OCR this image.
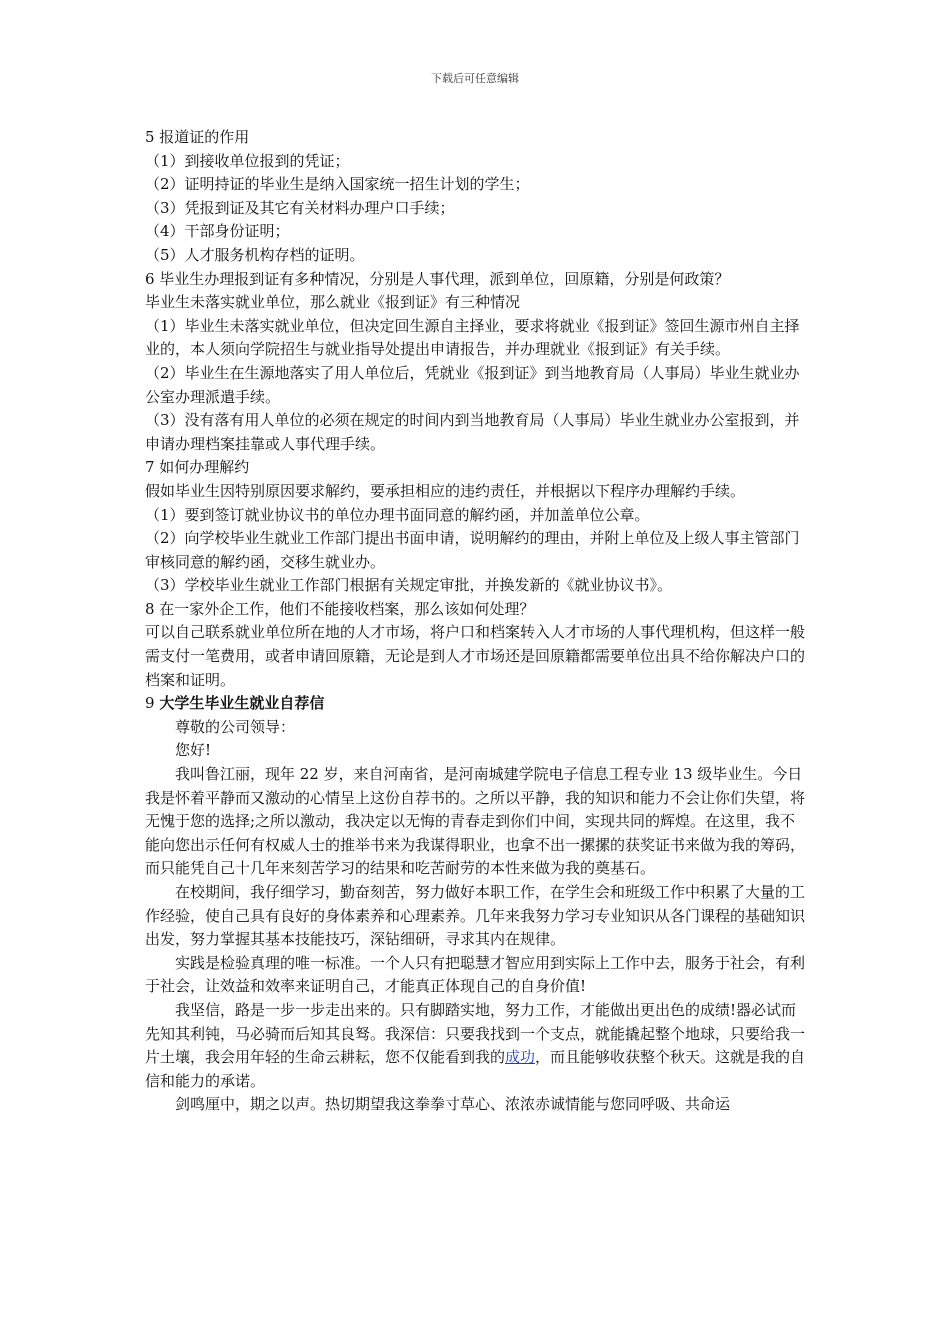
下载后可任意编辑

5 报道证的作用

（1）到接收单位报到的凭证；

（2）证明持证的毕业生是纳入国家统一招生计划的学生；

（3）凭报到证及其它有关材料办理户口手续；

（4）干部身份证明；

（5）人才服务机构存档的证明。

6 毕业生办理报到证有多种情况，分别是人事代理，派到单位，回原籍，分别是何政策？

毕业生未落实就业单位，那么就业《报到证》有三种情况

（1）毕业生未落实就业单位，但决定回生源自主择业，要求将就业《报到证》签回生源市州自主择业的，本人须向学院招生与就业指导处提出申请报告，并办理就业《报到证》有关手续。

（2）毕业生在生源地落实了用人单位后，凭就业《报到证》到当地教育局（人事局）毕业生就业办公室办理派遣手续。

（3）没有落有用人单位的必须在规定的时间内到当地教育局（人事局）毕业生就业办公室报到，并申请办理档案挂靠或人事代理手续。

7 如何办理解约

假如毕业生因特别原因要求解约，要承担相应的违约责任，并根据以下程序办理解约手续。

（1）要到签订就业协议书的单位办理书面同意的解约函，并加盖单位公章。

（2）向学校毕业生就业工作部门提出书面申请，说明解约的理由，并附上单位及上级人事主管部门审核同意的解约函，交移生就业办。

（3）学校毕业生就业工作部门根据有关规定审批，并换发新的《就业协议书》。

8 在一家外企工作，他们不能接收档案，那么该如何处理？

可以自己联系就业单位所在地的人才市场，将户口和档案转入人才市场的人事代理机构，但这样一般需支付一笔费用，或者申请回原籍，无论是到人才市场还是回原籍都需要单位出具不给你解决户口的档案和证明。

9 大学生毕业生就业自荐信

尊敬的公司领导：

您好!

我叫鲁江丽，现年 22 岁，来自河南省，是河南城建学院电子信息工程专业 13 级毕业生。今日我是怀着平静而又激动的心情呈上这份自荐书的。之所以平静，我的知识和能力不会让你们失望，将无愧于您的选择;之所以激动，我决定以无悔的青春走到你们中间，实现共同的辉煌。在这里，我不能向您出示任何有权威人士的推举书来为我谋得职业，也拿不出一摞摞的获奖证书来做为我的筹码，而只能凭自己十几年来刻苦学习的结果和吃苦耐劳的本性来做为我的奠基石。

在校期间，我仔细学习，勤奋刻苦，努力做好本职工作，在学生会和班级工作中积累了大量的工作经验，使自己具有良好的身体素养和心理素养。几年来我努力学习专业知识从各门课程的基础知识出发，努力掌握其基本技能技巧，深钻细研，寻求其内在规律。

实践是检验真理的唯一标准。一个人只有把聪慧才智应用到实际上工作中去，服务于社会，有利于社会，让效益和效率来证明自己，才能真正体现自己的自身价值!

我坚信，路是一步一步走出来的。只有脚踏实地，努力工作，才能做出更出色的成绩!器必试而先知其利钝，马必骑而后知其良驽。我深信：只要我找到一个支点，就能撬起整个地球，只要给我一片土壤，我会用年轻的生命云耕耘，您不仅能看到我的成功，而且能够收获整个秋天。这就是我的自信和能力的承诺。

剑鸣厘中，期之以声。热切期望我这拳拳寸草心、浓浓赤诚情能与您同呼吸、共命运
